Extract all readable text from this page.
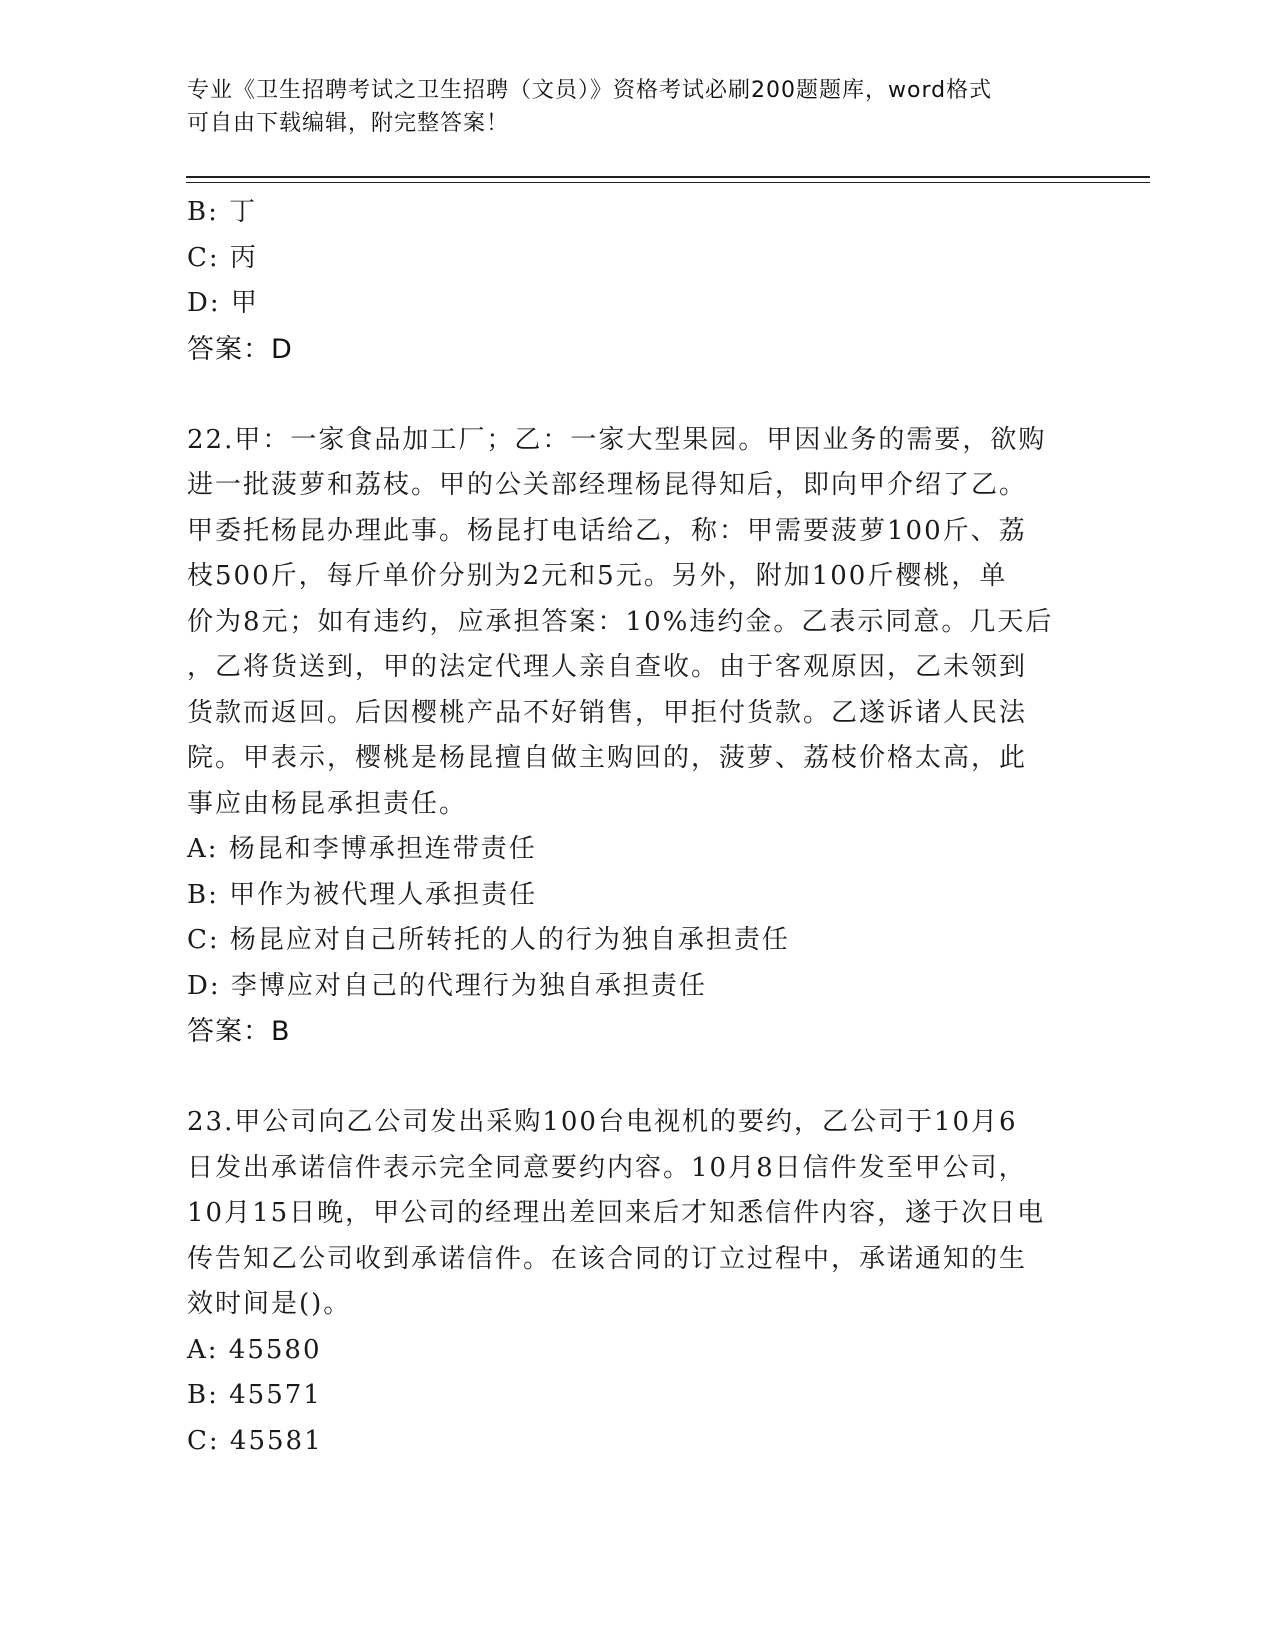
专业《卫生招聘考试之卫生招聘（文员）》资格考试必刷200题题库，word格式
可自由下载编辑，附完整答案！
B: 丁
C: 丙
D: 甲
答案：D
22.甲：一家食品加工厂；乙：一家大型果园。甲因业务的需要，欲购
进一批菠萝和荔枝。甲的公关部经理杨昆得知后，即向甲介绍了乙。
甲委托杨昆办理此事。杨昆打电话给乙，称：甲需要菠萝100斤、荔
枝500斤，每斤单价分别为2元和5元。另外，附加100斤樱桃，单
价为8元；如有违约，应承担答案：10%违约金。乙表示同意。几天后
，乙将货送到，甲的法定代理人亲自查收。由于客观原因，乙未领到
货款而返回。后因樱桃产品不好销售，甲拒付货款。乙遂诉诸人民法
院。甲表示，樱桃是杨昆擅自做主购回的，菠萝、荔枝价格太高，此
事应由杨昆承担责任。
A: 杨昆和李博承担连带责任
B: 甲作为被代理人承担责任
C: 杨昆应对自己所转托的人的行为独自承担责任
D: 李博应对自己的代理行为独自承担责任
答案：B
23.甲公司向乙公司发出采购100台电视机的要约，乙公司于10月6
日发出承诺信件表示完全同意要约内容。10月8日信件发至甲公司，
10月15日晚，甲公司的经理出差回来后才知悉信件内容，遂于次日电
传告知乙公司收到承诺信件。在该合同的订立过程中，承诺通知的生
效时间是()。
A: 45580
B: 45571
C: 45581
